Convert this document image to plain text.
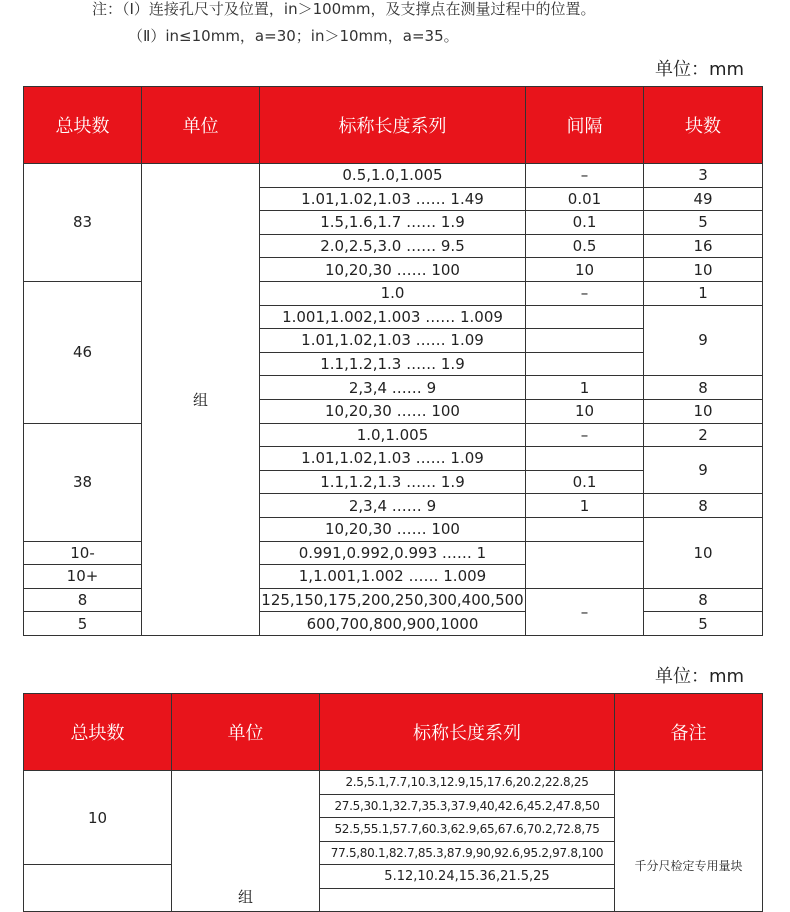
注：（Ⅰ）连接孔尺寸及位置，in＞100mm，及支撑点在测量过程中的位置。
（Ⅱ）in≤10mm，a=30；in＞10mm，a=35。
单位：mm
总块数	单位	标称长度系列	间隔	块数
83	组	0.5,1.0,1.005	–	3
		1.01,1.02,1.03 …… 1.49	0.01	49
		1.5,1.6,1.7 …… 1.9	0.1	5
		2.0,2.5,3.0 …… 9.5	0.5	16
		10,20,30 …… 100	10	10
46		1.0	–	1
		1.001,1.002,1.003 …… 1.009		9
		1.01,1.02,1.03 …… 1.09		
		1.1,1.2,1.3 …… 1.9		
		2,3,4 …… 9	1	8
		10,20,30 …… 100	10	10
38		1.0,1.005	–	2
		1.01,1.02,1.03 …… 1.09		9
		1.1,1.2,1.3 …… 1.9	0.1	
		2,3,4 …… 9	1	8
		10,20,30 …… 100		10
10-		0.991,0.992,0.993 …… 1		
10+		1,1.001,1.002 …… 1.009		
8		125,150,175,200,250,300,400,500	–	8
5		600,700,800,900,1000		5
单位：mm
总块数	单位	标称长度系列	备注
10	组	2.5,5.1,7.7,10.3,12.9,15,17.6,20.2,22.8,25	千分尺检定专用量块
		27.5,30.1,32.7,35.3,37.9,40,42.6,45.2,47.8,50	
		52.5,55.1,57.7,60.3,62.9,65,67.6,70.2,72.8,75	
		77.5,80.1,82.7,85.3,87.9,90,92.6,95.2,97.8,100	
		5.12,10.24,15.36,21.5,25	
